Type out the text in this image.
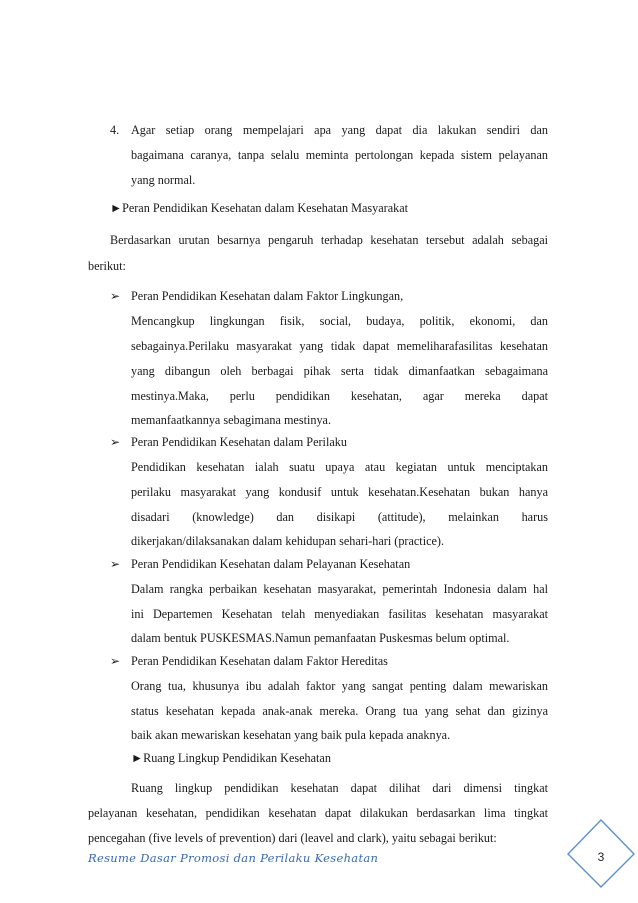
4. Agar setiap orang mempelajari apa yang dapat dia lakukan sendiri dan
bagaimana caranya, tanpa selalu meminta pertolongan kepada sistem pelayanan
yang normal.
►Peran Pendidikan Kesehatan dalam Kesehatan Masyarakat
Berdasarkan urutan besarnya pengaruh terhadap kesehatan tersebut adalah sebagai
berikut:
➢ Peran Pendidikan Kesehatan dalam Faktor Lingkungan,
Mencangkup lingkungan fisik, social, budaya, politik, ekonomi, dan
sebagainya.Perilaku masyarakat yang tidak dapat memeliharafasilitas kesehatan
yang dibangun oleh berbagai pihak serta tidak dimanfaatkan sebagaimana
mestinya.Maka, perlu pendidikan kesehatan, agar mereka dapat
memanfaatkannya sebagimana mestinya.
➢ Peran Pendidikan Kesehatan dalam Perilaku
Pendidikan kesehatan ialah suatu upaya atau kegiatan untuk menciptakan
perilaku masyarakat yang kondusif untuk kesehatan.Kesehatan bukan hanya
disadari (knowledge) dan disikapi (attitude), melainkan harus
dikerjakan/dilaksanakan dalam kehidupan sehari-hari (practice).
➢ Peran Pendidikan Kesehatan dalam Pelayanan Kesehatan
Dalam rangka perbaikan kesehatan masyarakat, pemerintah Indonesia dalam hal
ini Departemen Kesehatan telah menyediakan fasilitas kesehatan masyarakat
dalam bentuk PUSKESMAS.Namun pemanfaatan Puskesmas belum optimal.
➢ Peran Pendidikan Kesehatan dalam Faktor Hereditas
Orang tua, khusunya ibu adalah faktor yang sangat penting dalam mewariskan
status kesehatan kepada anak-anak mereka. Orang tua yang sehat dan gizinya
baik akan mewariskan kesehatan yang baik pula kepada anaknya.
►Ruang Lingkup Pendidikan Kesehatan
Ruang lingkup pendidikan kesehatan dapat dilihat dari dimensi tingkat
pelayanan kesehatan, pendidikan kesehatan dapat dilakukan berdasarkan lima tingkat
pencegahan (five levels of prevention) dari (leavel and clark), yaitu sebagai berikut:
Resume Dasar Promosi dan Perilaku Kesehatan	3
